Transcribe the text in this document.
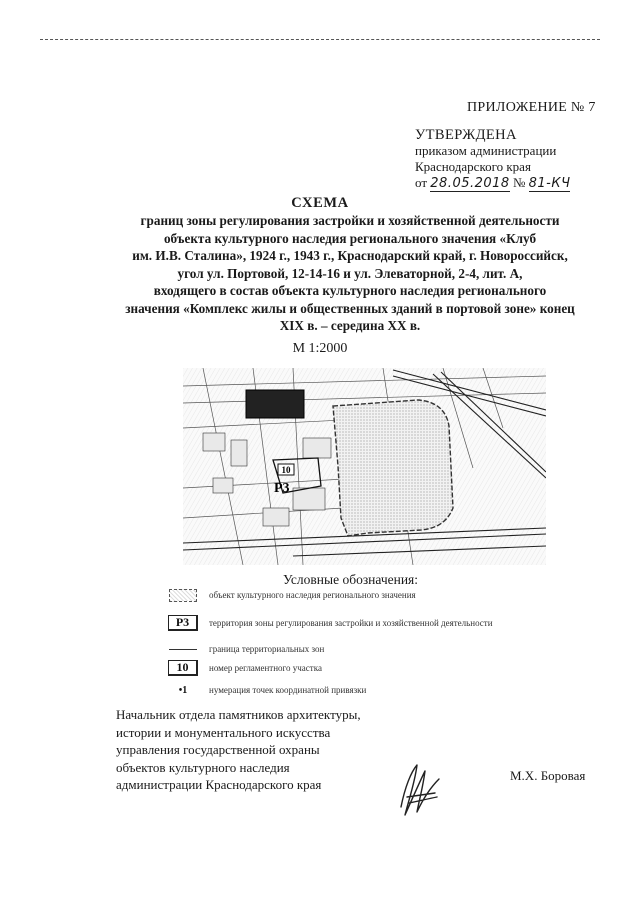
ПРИЛОЖЕНИЕ № 7
УТВЕРЖДЕНА
приказом администрации
Краснодарского края
от 28.05.2018 № 81-КЧ
СХЕМА
границ зоны регулирования застройки и хозяйственной деятельности
объекта культурного наследия регионального значения «Клуб
им. И.В. Сталина», 1924 г., 1943 г., Краснодарский край, г. Новороссийск,
угол ул. Портовой, 12-14-16 и ул. Элеваторной, 2-4, лит. А,
входящего в состав объекта культурного наследия регионального
значения «Комплекс жилы и общественных зданий в портовой зоне» конец
XIX в. – середина XX в.
М 1:2000
10
Р3
Условные обозначения:
объект культурного наследия регионального значения
Р3	территория зоны регулирования застройки и хозяйственной деятельности
граница территориальных зон
10	номер регламентного участка
•1 нумерация точек координатной привязки
Начальник отдела памятников архитектуры,
истории и монументального искусства
управления государственной охраны
объектов культурного наследия
администрации Краснодарского края
М.Х. Боровая
